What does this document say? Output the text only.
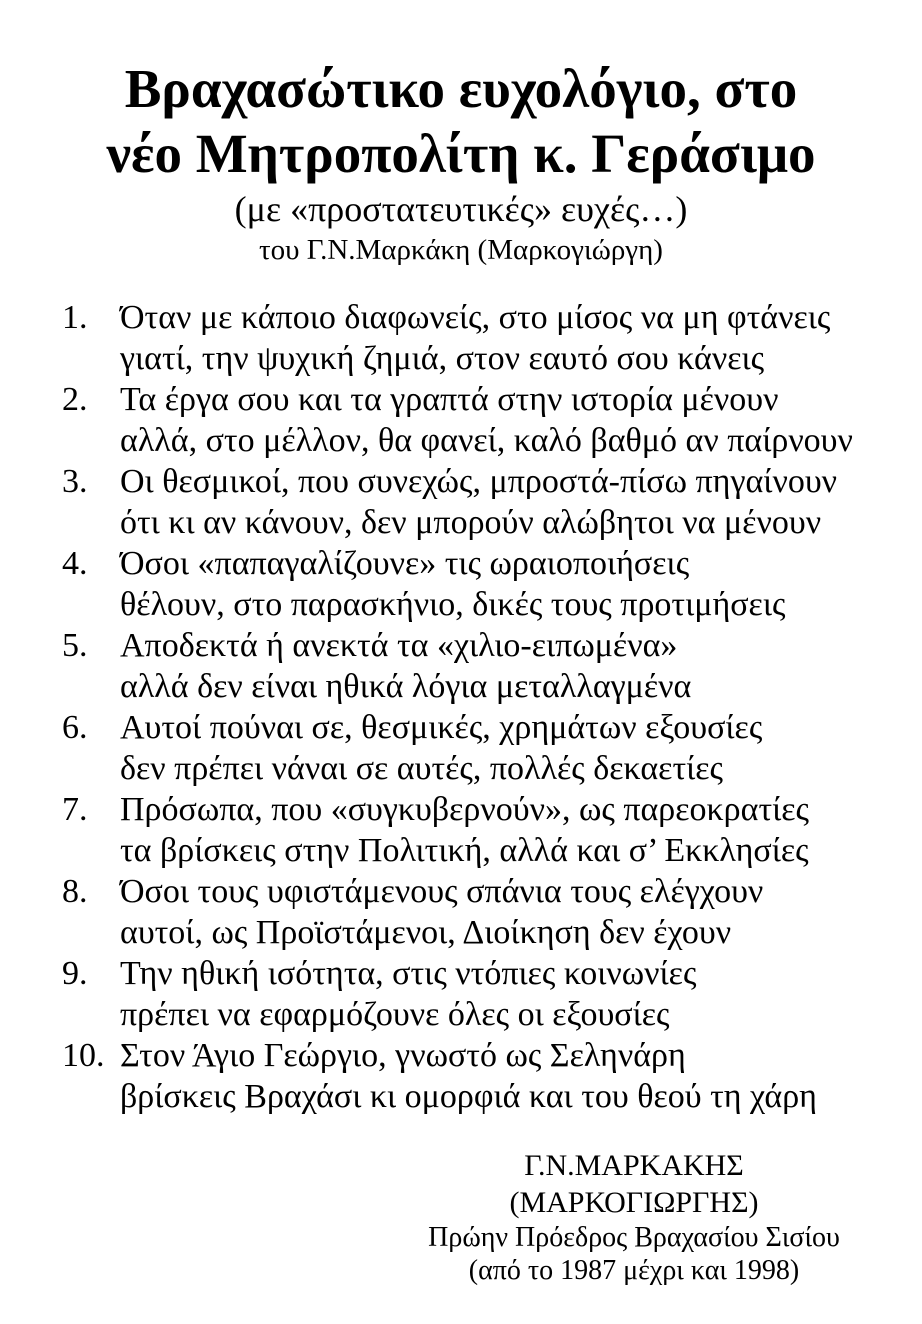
Βραχασώτικο ευχολόγιο, στο
νέο Μητροπολίτη κ. Γεράσιμο
(με «προστατευτικές» ευχές…)
του Γ.Ν.Μαρκάκη (Μαρκογιώργη)
1. Όταν με κάποιο διαφωνείς, στο μίσος να μη φτάνεις
γιατί, την ψυχική ζημιά, στον εαυτό σου κάνεις
2. Τα έργα σου και τα γραπτά στην ιστορία μένουν
αλλά, στο μέλλον, θα φανεί, καλό βαθμό αν παίρνουν
3. Οι θεσμικοί, που συνεχώς, μπροστά-πίσω πηγαίνουν
ότι κι αν κάνουν, δεν μπορούν αλώβητοι να μένουν
4. Όσοι «παπαγαλίζουνε» τις ωραιοποιήσεις
θέλουν, στο παρασκήνιο, δικές τους προτιμήσεις
5. Αποδεκτά ή ανεκτά τα «χιλιο-ειπωμένα»
αλλά δεν είναι ηθικά λόγια μεταλλαγμένα
6. Αυτοί πούναι σε, θεσμικές, χρημάτων εξουσίες
δεν πρέπει νάναι σε αυτές, πολλές δεκαετίες
7. Πρόσωπα, που «συγκυβερνούν», ως παρεοκρατίες
τα βρίσκεις στην Πολιτική, αλλά και σ’ Εκκλησίες
8. Όσοι τους υφιστάμενους σπάνια τους ελέγχουν
αυτοί, ως Προϊστάμενοι, Διοίκηση δεν έχουν
9. Την ηθική ισότητα, στις ντόπιες κοινωνίες
πρέπει να εφαρμόζουνε όλες οι εξουσίες
10. Στον Άγιο Γεώργιο, γνωστό ως Σεληνάρη
βρίσκεις Βραχάσι κι ομορφιά και του θεού τη χάρη
Γ.Ν.ΜΑΡΚΑΚΗΣ (ΜΑΡΚΟΓΙΩΡΓΗΣ)
Πρώην Πρόεδρος Βραχασίου Σισίου
(από το 1987 μέχρι και 1998)
